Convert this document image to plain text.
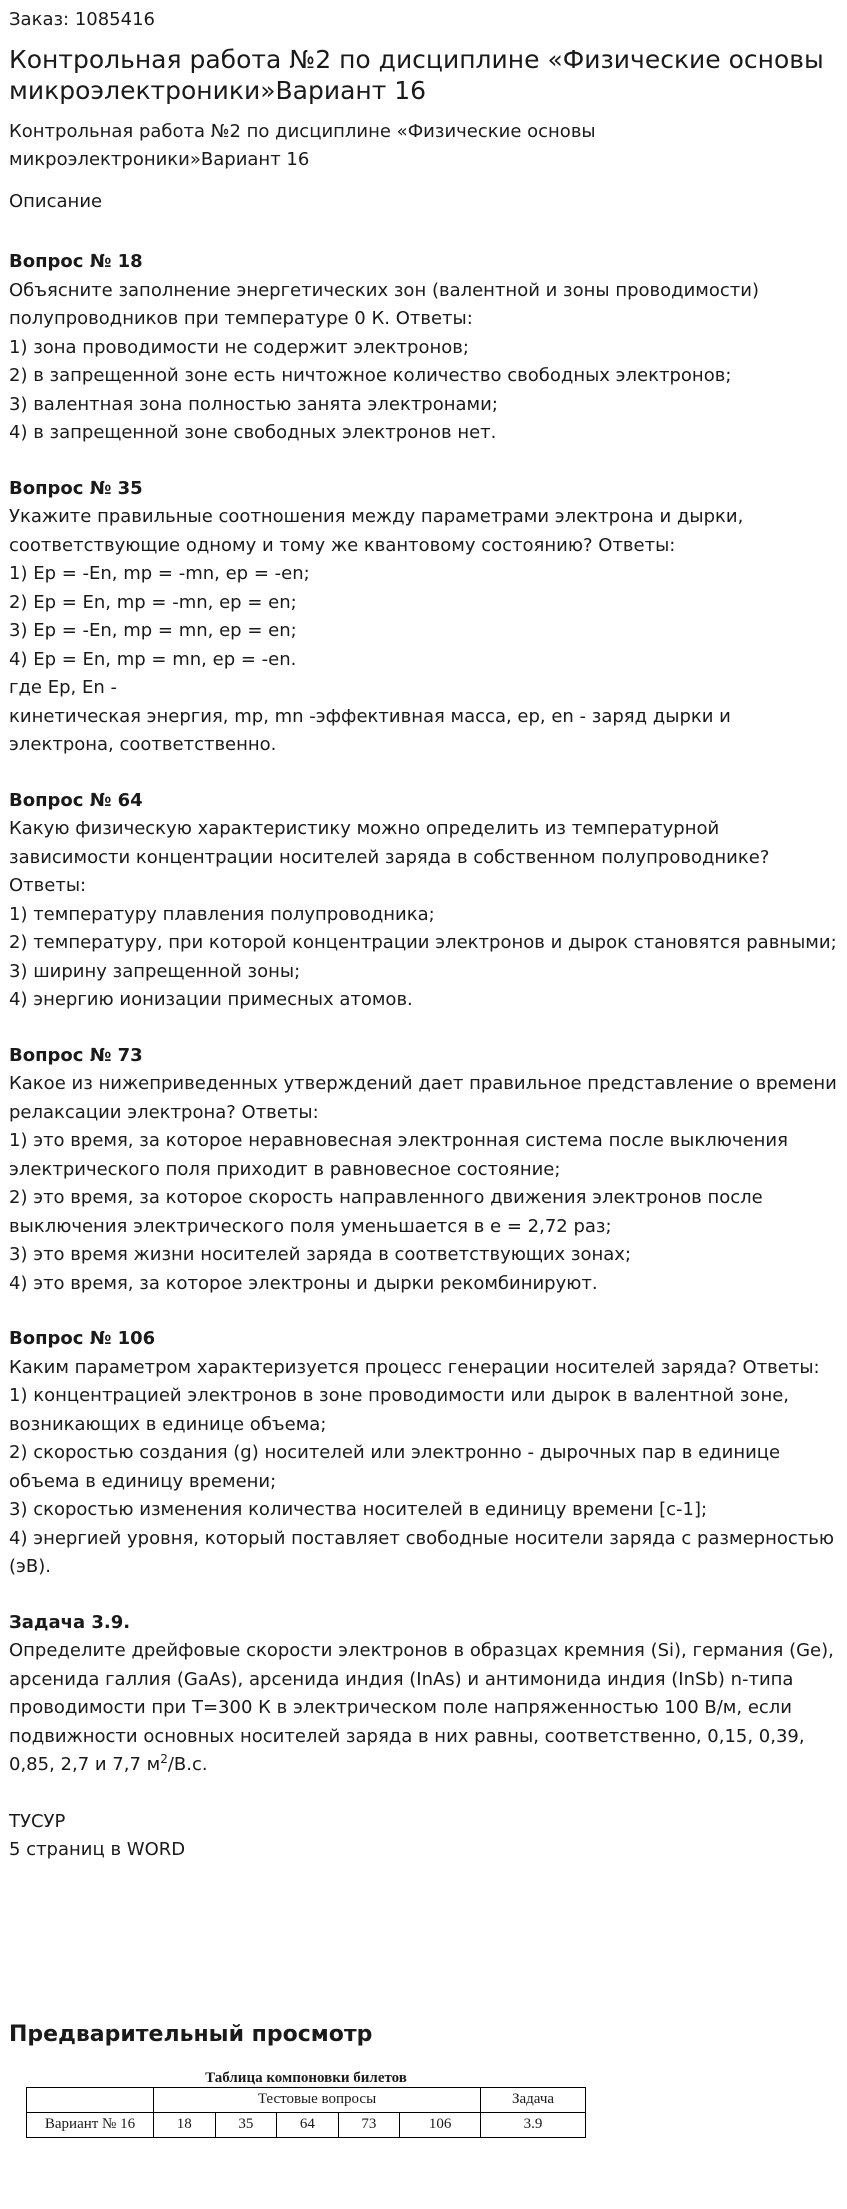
Заказ: 1085416

Контрольная работа №2 по дисциплине «Физические основы микроэлектроники»Вариант 16

Контрольная работа №2 по дисциплине «Физические основы микроэлектроники»Вариант 16

Описание

Вопрос № 18
Объясните заполнение энергетических зон (валентной и зоны проводимости) полупроводников при температуре 0 К. Ответы:
1) зона проводимости не содержит электронов;
2) в запрещенной зоне есть ничтожное количество свободных электронов;
3) валентная зона полностью занята электронами;
4) в запрещенной зоне свободных электронов нет.
Вопрос № 35
Укажите правильные соотношения между параметрами электрона и дырки, соответствующие одному и тому же квантовому состоянию? Ответы:
1) Ep = -En, mp = -mn, ep = -en;
2) Ep = En, mp = -mn, ep = en;
3) Ep = -En, mp = mn, ep = en;
4) Ep = En, mp = mn, ep = -en.
где Ep, En -
кинетическая энергия, mp, mn -эффективная масса, ep, en - заряд дырки и электрона, соответственно.
Вопрос № 64
Какую физическую характеристику можно определить из температурной зависимости концентрации носителей заряда в собственном полупроводнике? Ответы:
1) температуру плавления полупроводника;
2) температуру, при которой концентрации электронов и дырок становятся равными;
3) ширину запрещенной зоны;
4) энергию ионизации примесных атомов.
Вопрос № 73
Какое из нижеприведенных утверждений дает правильное представление о времени релаксации электрона? Ответы:
1) это время, за которое неравновесная электронная система после выключения электрического поля приходит в равновесное состояние;
2) это время, за которое скорость направленного движения электронов после выключения электрического поля уменьшается в е = 2,72 раз;
3) это время жизни носителей заряда в соответствующих зонах;
4) это время, за которое электроны и дырки рекомбинируют.
Вопрос № 106
Каким параметром характеризуется процесс генерации носителей заряда? Ответы:
1) концентрацией электронов в зоне проводимости или дырок в валентной зоне, возникающих в единице объема;
2) скоростью создания (g) носителей или электронно - дырочных пар в единице объема в единицу времени;
3) скоростью изменения количества носителей в единицу времени [c-1];
4) энергией уровня, который поставляет свободные носители заряда с размерностью (эВ).
Задача 3.9.
Определите дрейфовые скорости электронов в образцах кремния (Si), германия (Ge), арсенида галлия (GaAs), арсенида индия (InAs) и антимонида индия (InSb) n-типа проводимости при T=300 К в электрическом поле напряженностью 100 В/м, если подвижности основных носителей заряда в них равны, соответственно, 0,15, 0,39, 0,85, 2,7 и 7,7 $м^2/В.с$.
ТУСУР
5 страниц в WORD
Предварительный просмотр
Таблица компоновки билетов
	Тестовые вопросы					Задача
Вариант № 16	18	35	64	73	106	3.9
